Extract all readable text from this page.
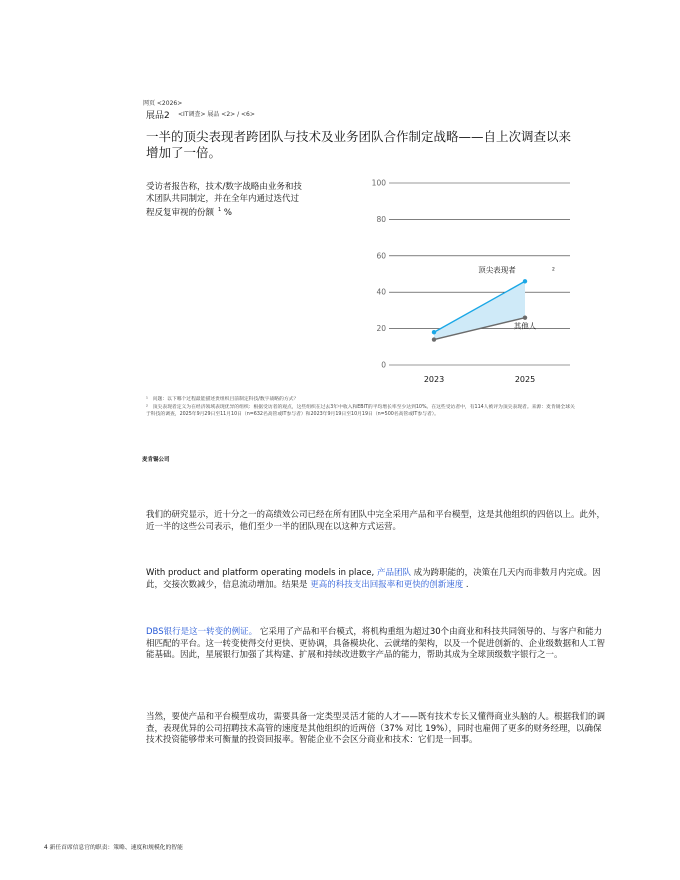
网页 <2026>
展品2 <IT调查> 展品 <2> / <6>
一半的顶尖表现者跨团队与技术及业务团队合作制定战略——自上次调查以来增加了一倍。
受访者报告称，技术/数字战略由业务和技术团队共同制定，并在全年内通过迭代过程反复审视的份额 $^1$ %
100
80
60
40
20
0
2023	2025
顶尖表现者	2
其他人
¹　问题：以下哪个过程最能描述贵组织目前制定科技/数字战略的方式？
²　顶尖表现者定义为在经济领域表现优异的组织：根据受访者的观点，这些组织在过去3年中收入和EBIT的平均增长率至少达到10%。在这些受访者中，有114人被评为顶尖表现者。来源：麦肯锡全球关于科技的调查，2025年9月29日至11月10日（n=632名高管或IT参与者）和2023年9月19日至10月19日（n=500名高管或IT参与者）。
麦肯锡公司
我们的研究显示，近十分之一的高绩效公司已经在所有团队中完全采用产品和平台模型，这是其他组织的四倍以上。此外，近一半的这些公司表示，他们至少一半的团队现在以这种方式运营。
With product and platform operating models in place, 产品团队 成为跨职能的，决策在几天内而非数月内完成。因此，交接次数减少，信息流动增加。结果是 更高的科技支出回报率和更快的创新速度 .
DBS银行是这一转变的例证。 它采用了产品和平台模式，将机构重组为超过30个由商业和科技共同领导的、与客户和能力相匹配的平台。这一转变使得交付更快、更协调，具备模块化、云就绪的架构，以及一个促进创新的、企业级数据和人工智能基础。因此，星展银行加强了其构建、扩展和持续改进数字产品的能力，帮助其成为全球顶级数字银行之一。
当然，要使产品和平台模型成功，需要具备一定类型灵活才能的人才——既有技术专长又懂得商业头脑的人。根据我们的调查，表现优异的公司招聘技术高管的速度是其他组织的近两倍（37% 对比 19%），同时也雇佣了更多的财务经理，以确保技术投资能够带来可衡量的投资回报率。智能企业不会区分商业和技术：它们是一回事。
4 新任首席信息官的职责：策略、速度和规模化的智能
